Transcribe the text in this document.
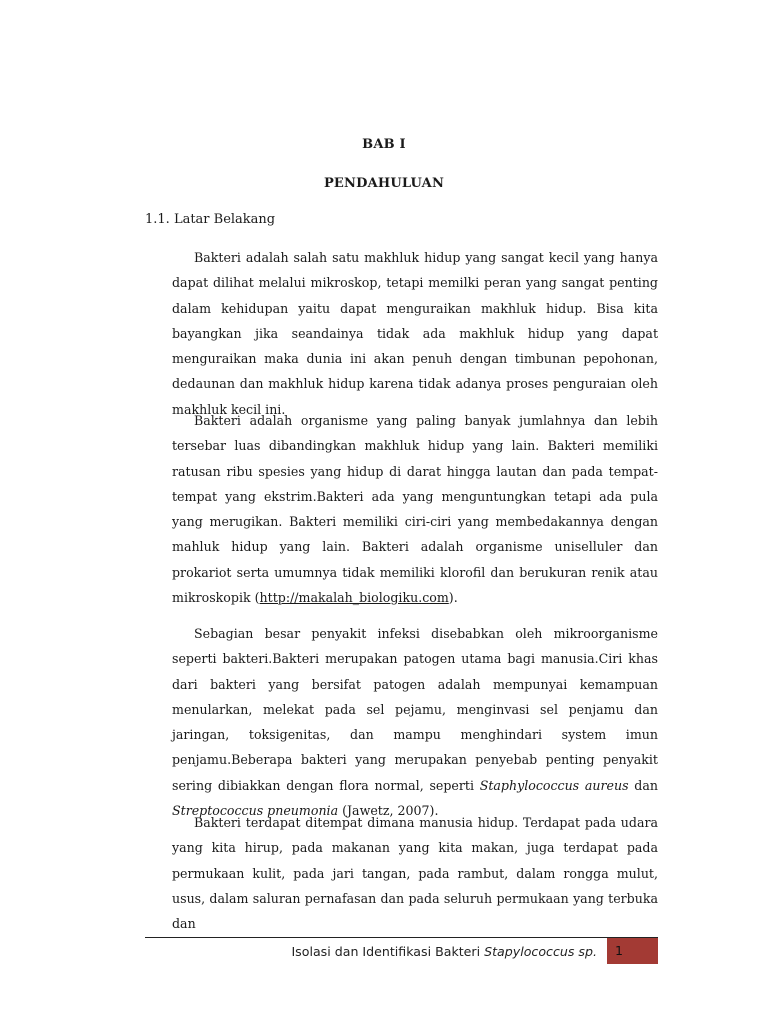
BAB I
PENDAHULUAN
1.1. Latar Belakang

Bakteri adalah salah satu makhluk hidup yang sangat kecil yang hanya dapat dilihat melalui mikroskop, tetapi memilki peran yang sangat penting dalam kehidupan yaitu dapat menguraikan makhluk hidup. Bisa kita bayangkan jika seandainya tidak ada makhluk hidup yang dapat menguraikan maka dunia ini akan penuh dengan timbunan pepohonan, dedaunan dan makhluk hidup karena tidak adanya proses penguraian oleh makhluk kecil ini.

Bakteri adalah organisme yang paling banyak jumlahnya dan lebih tersebar luas dibandingkan makhluk hidup yang lain. Bakteri memiliki ratusan ribu spesies yang hidup di darat hingga lautan dan pada tempat-tempat yang ekstrim.Bakteri ada yang menguntungkan tetapi ada pula yang merugikan. Bakteri memiliki ciri-ciri yang membedakannya dengan mahluk hidup yang lain. Bakteri adalah organisme uniselluler dan prokariot serta umumnya tidak memiliki klorofil dan berukuran renik atau mikroskopik (http://makalah_biologiku.com).

Sebagian besar penyakit infeksi disebabkan oleh mikroorganisme seperti bakteri.Bakteri merupakan patogen utama bagi manusia.Ciri khas dari bakteri yang bersifat patogen adalah mempunyai kemampuan menularkan, melekat pada sel pejamu, menginvasi sel penjamu dan jaringan, toksigenitas, dan mampu menghindari system imun penjamu.Beberapa bakteri yang merupakan penyebab penting penyakit sering dibiakkan dengan flora normal, seperti Staphylococcus aureus dan Streptococcus pneumonia (Jawetz, 2007).

Bakteri terdapat ditempat dimana manusia hidup. Terdapat pada udara yang kita hirup, pada makanan yang kita makan, juga terdapat pada permukaan kulit, pada jari tangan, pada rambut, dalam rongga mulut, usus, dalam saluran pernafasan dan pada seluruh permukaan yang terbuka dan

Isolasi dan Identifikasi Bakteri Stapylococcus sp.	1
